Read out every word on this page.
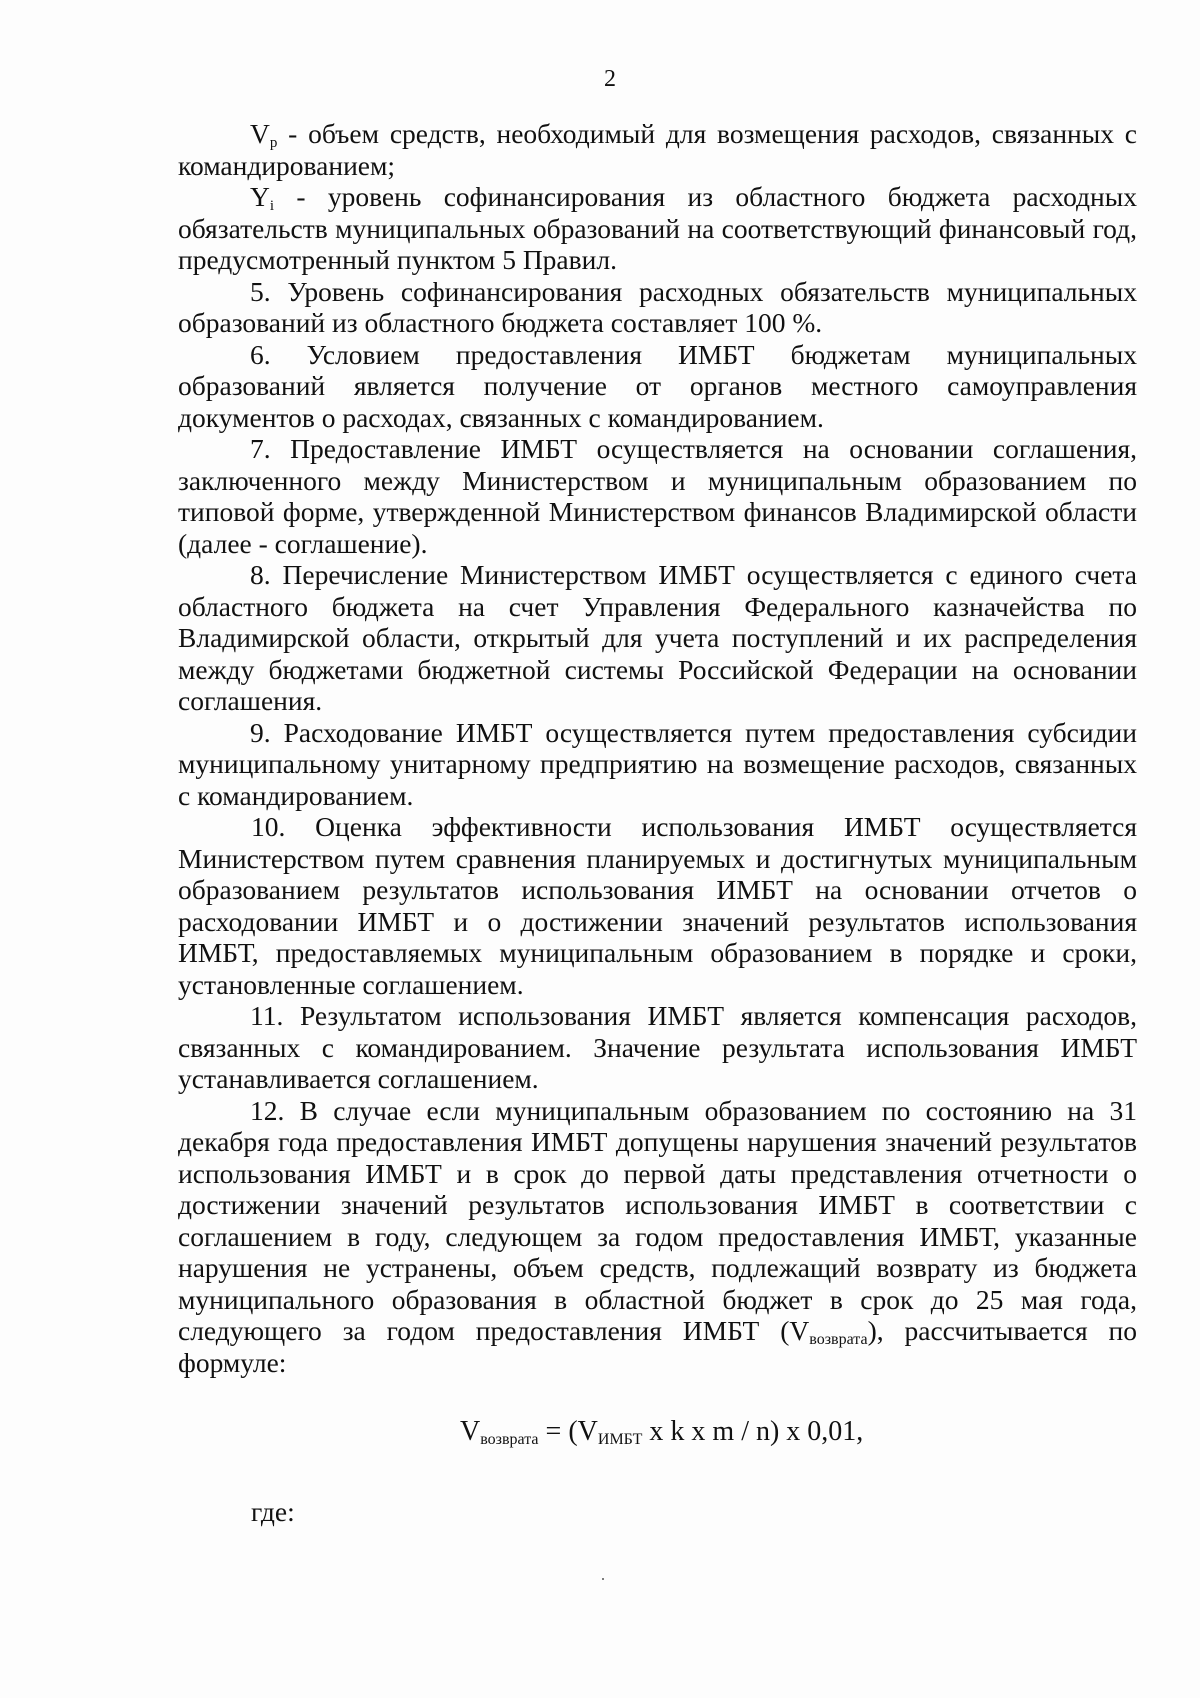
2

$V_р$ - объем средств, необходимый для возмещения расходов, связанных с командированием;

$Y_i$ - уровень софинансирования из областного бюджета расходных обязательств муниципальных образований на соответствующий финансовый год, предусмотренный пунктом 5 Правил.

5. Уровень софинансирования расходных обязательств муниципальных образований из областного бюджета составляет 100 %.

6. Условием предоставления ИМБТ бюджетам муниципальных образований является получение от органов местного самоуправления документов о расходах, связанных с командированием.

7. Предоставление ИМБТ осуществляется на основании соглашения, заключенного между Министерством и муниципальным образованием по типовой форме, утвержденной Министерством финансов Владимирской области (далее - соглашение).

8. Перечисление Министерством ИМБТ осуществляется с единого счета областного бюджета на счет Управления Федерального казначейства по Владимирской области, открытый для учета поступлений и их распределения между бюджетами бюджетной системы Российской Федерации на основании соглашения.

9. Расходование ИМБТ осуществляется путем предоставления субсидии муниципальному унитарному предприятию на возмещение расходов, связанных с командированием.

10. Оценка эффективности использования ИМБТ осуществляется Министерством путем сравнения планируемых и достигнутых муниципальным образованием результатов использования ИМБТ на основании отчетов о расходовании ИМБТ и о достижении значений результатов использования ИМБТ, предоставляемых муниципальным образованием в порядке и сроки, установленные соглашением.

11. Результатом использования ИМБТ является компенсация расходов, связанных с командированием. Значение результата использования ИМБТ устанавливается соглашением.

12. В случае если муниципальным образованием по состоянию на 31 декабря года предоставления ИМБТ допущены нарушения значений результатов использования ИМБТ и в срок до первой даты представления отчетности о достижении значений результатов использования ИМБТ в соответствии с соглашением в году, следующем за годом предоставления ИМБТ, указанные нарушения не устранены, объем средств, подлежащий возврату из бюджета муниципального образования в областной бюджет в срок до 25 мая года, следующего за годом предоставления ИМБТ $(V_{возврата})$, рассчитывается по формуле:

$V_{возврата} = (V_{ИМБТ}$ x k x m / n) x 0,01,
где:
